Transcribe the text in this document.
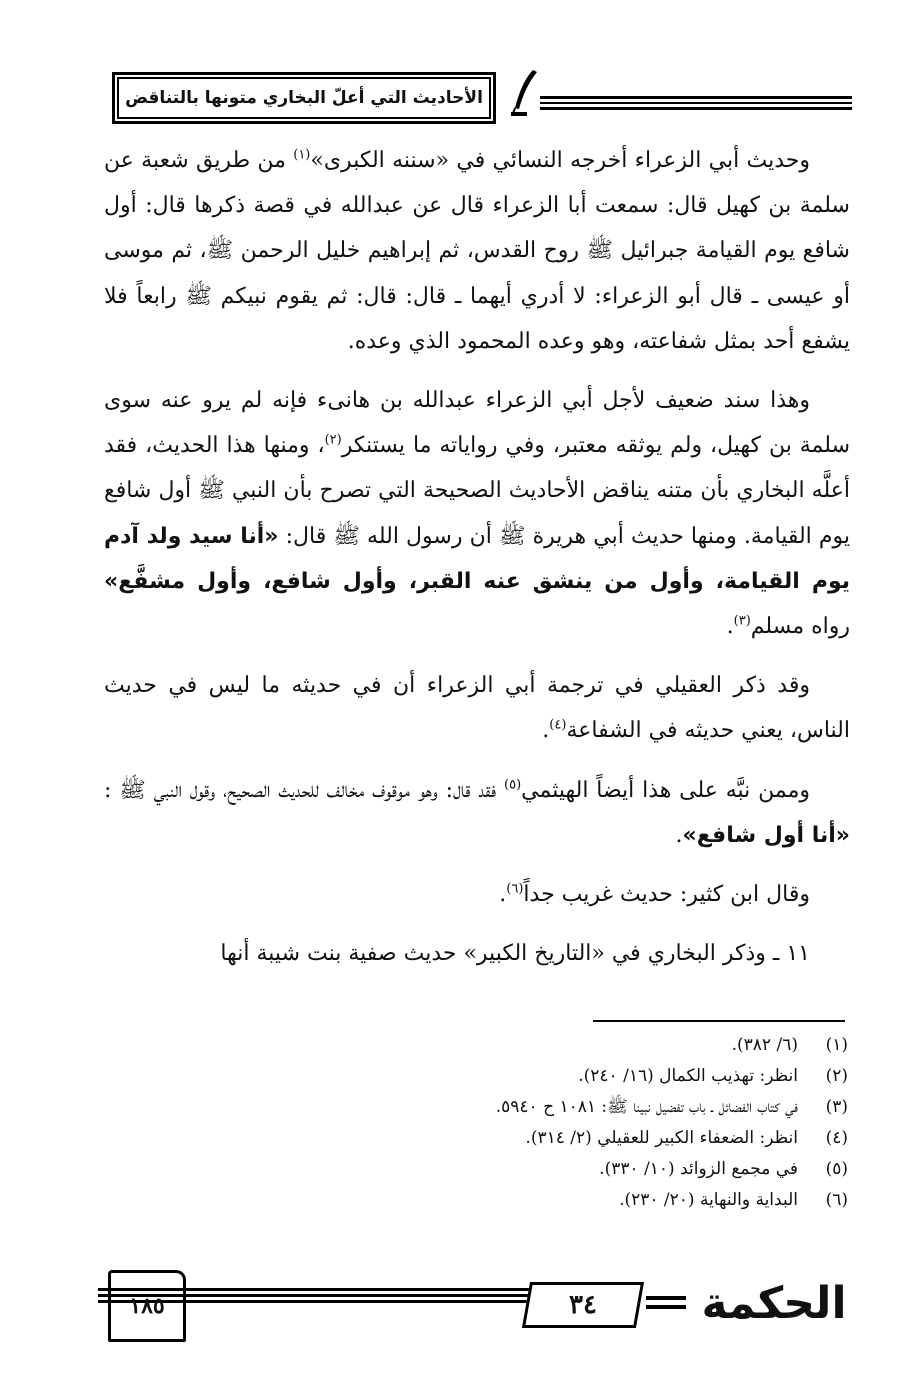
الأحاديث التي أعلّ البخاري متونها بالتناقض

وحديث أبي الزعراء أخرجه النسائي في «سننه الكبرى»$^{(١)}$ من طريق شعبة عن سلمة بن كهيل قال: سمعت أبا الزعراء قال عن عبدالله في قصة ذكرها قال: أول شافع يوم القيامة جبرائيل ﷺ روح القدس، ثم إبراهيم خليل الرحمن ﷺ، ثم موسى أو عيسى ـ قال أبو الزعراء: لا أدري أيهما ـ قال: قال: ثم يقوم نبيكم ﷺ رابعاً فلا يشفع أحد بمثل شفاعته، وهو وعده المحمود الذي وعده.

وهذا سند ضعيف لأجل أبي الزعراء عبدالله بن هانىء فإنه لم يرو عنه سوى سلمة بن كهيل، ولم يوثقه معتبر، وفي رواياته ما يستنكر$^{(٢)}$، ومنها هذا الحديث، فقد أعلَّه البخاري بأن متنه يناقض الأحاديث الصحيحة التي تصرح بأن النبي ﷺ أول شافع يوم القيامة. ومنها حديث أبي هريرة ﷺ أن رسول الله ﷺ قال: «أنا سيد ولد آدم يوم القيامة، وأول من ينشق عنه القبر، وأول شافع، وأول مشفَّع» رواه مسلم$^{(٣)}$.

وقد ذكر العقيلي في ترجمة أبي الزعراء أن في حديثه ما ليس في حديث الناس، يعني حديثه في الشفاعة$^{(٤)}$.

وممن نبَّه على هذا أيضاً الهيثمي$^{(٥)}$ فقد قال: وهو موقوف مخالف للحديث الصحيح، وقول النبي ﷺ : «أنا أول شافع».

وقال ابن كثير: حديث غريب جداً$^{(٦)}$.

١١ ـ وذكر البخاري في «التاريخ الكبير» حديث صفية بنت شيبة أنها

(١)
(٦/ ٣٨٢).
(٢)
انظر: تهذيب الكمال (١٦/ ٢٤٠).
(٣)
في كتاب الفضائل ـ باب تفضيل نبينا ﷺ: ١٠٨١ ح ٥٩٤٠.
(٤)
انظر: الضعفاء الكبير للعقيلي (٢/ ٣١٤).
(٥)
في مجمع الزوائد (١٠/ ٣٣٠).
(٦)
البداية والنهاية (٢٠/ ٢٣٠).
١٨٥	٣٤ الحكمة
